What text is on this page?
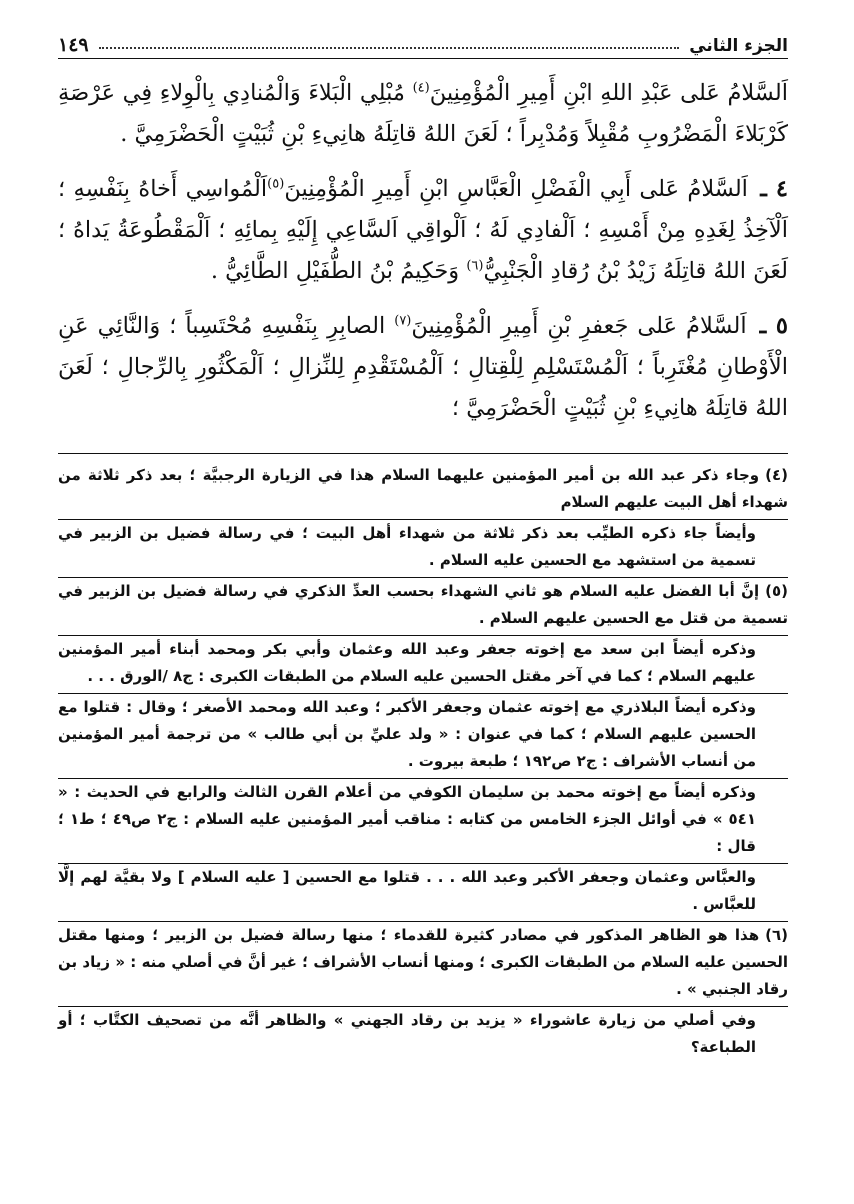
الجزء الثاني
١٤٩

اَلسَّلامُ عَلى عَبْدِ اللهِ ابْنِ أَمِيرِ الْمُؤْمِنِينَ$^{(٤)}$ مُبْلِي الْبَلاءَ وَالْمُنادِي بِالْوِلاءِ فِي عَرْصَةِ كَرْبَلاءَ الْمَضْرُوبِ مُقْبِلاً وَمُدْبِراً ؛ لَعَنَ اللهُ قاتِلَهُ هانِيءِ بْنِ ثُبَيْتٍ الْحَضْرَمِيَّ .

٤ ـ اَلسَّلامُ عَلى أَبِي الْفَضْلِ الْعَبَّاسِ ابْنِ أَمِيرِ الْمُؤْمِنِينَ$^{(٥)}$اَلْمُواسِي أَخاهُ بِنَفْسِهِ ؛ اَلْآخِذُ لِغَدِهِ مِنْ أَمْسِهِ ؛ اَلْفادِي لَهُ ؛ اَلْواقِي اَلسَّاعِي إِلَيْهِ بِمائِهِ ؛ اَلْمَقْطُوعَةُ يَداهُ ؛ لَعَنَ اللهُ قاتِلَهُ زَيْدُ بْنُ رُقادِ الْجَنْبِيُّ$^{(٦)}$ وَحَكِيمُ بْنُ الطُّفَيْلِ الطَّائِيُّ .

٥ ـ اَلسَّلامُ عَلى جَعفرِ بْنِ أَمِيرِ الْمُؤْمِنِينَ$^{(٧)}$ الصابِرِ بِنَفْسِهِ مُحْتَسِباً ؛ وَالنَّائِي عَنِ الْأَوْطانِ مُغْتَرِباً ؛ اَلْمُسْتَسْلِمِ لِلْقِتالِ ؛ اَلْمُسْتَقْدِمِ لِلنِّزالِ ؛ اَلْمَكْثُورِ بِالرِّجالِ ؛ لَعَنَ اللهُ قاتِلَهُ هانِيءِ بْنِ ثُبَيْتٍ الْحَضْرَمِيَّ ؛

(٤)وجاء ذكر عبد الله بن أمير المؤمنين عليهما السلام هذا في الزيارة الرجبيَّة ؛ بعد ذكر ثلاثة من شهداء أهل البيت عليهم السلام
وأيضاً جاء ذكره الطيِّب بعد ذكر ثلاثة من شهداء أهل البيت ؛ في رسالة فضيل بن الزبير في تسمية من استشهد مع الحسين عليه السلام .
(٥)إنَّ أبا الفضل عليه السلام هو ثاني الشهداء بحسب العدِّ الذكري في رسالة فضيل بن الزبير في تسمية من قتل مع الحسين عليهم السلام .
وذكره أيضاً ابن سعد مع إخوته جعفر وعبد الله وعثمان وأبي بكر ومحمد أبناء أمير المؤمنين عليهم السلام ؛ كما في آخر مقتل الحسين عليه السلام من الطبقات الكبرى : ج٨ /الورق . . .
وذكره أيضاً البلاذري مع إخوته عثمان وجعفر الأكبر ؛ وعبد الله ومحمد الأصغر ؛ وقال : قتلوا مع الحسين عليهم السلام ؛ كما في عنوان : « ولد عليِّ بن أبي طالب » من ترجمة أمير المؤمنين من أنساب الأشراف : ج٢ ص١٩٢ ؛ طبعة بيروت .
وذكره أيضاً مع إخوته محمد بن سليمان الكوفي من أعلام القرن الثالث والرابع في الحديث : « ٥٤١ » في أوائل الجزء الخامس من كتابه : مناقب أمير المؤمنين عليه السلام : ج٢ ص٤٩ ؛ ط١ ؛ قال :
والعبَّاس وعثمان وجعفر الأكبر وعبد الله . . . قتلوا مع الحسين [ عليه السلام ] ولا بقيَّة لهم إلَّا للعبَّاس .
(٦)هذا هو الظاهر المذكور في مصادر كثيرة للقدماء ؛ منها رسالة فضيل بن الزبير ؛ ومنها مقتل الحسين عليه السلام من الطبقات الكبرى ؛ ومنها أنساب الأشراف ؛ غير أنَّ في أصلي منه : « زياد بن رقاد الجنبي » .
وفي أصلي من زيارة عاشوراء « يزيد بن رقاد الجهني » والظاهر أنَّه من تصحيف الكتَّاب ؛ أو الطباعة؟
